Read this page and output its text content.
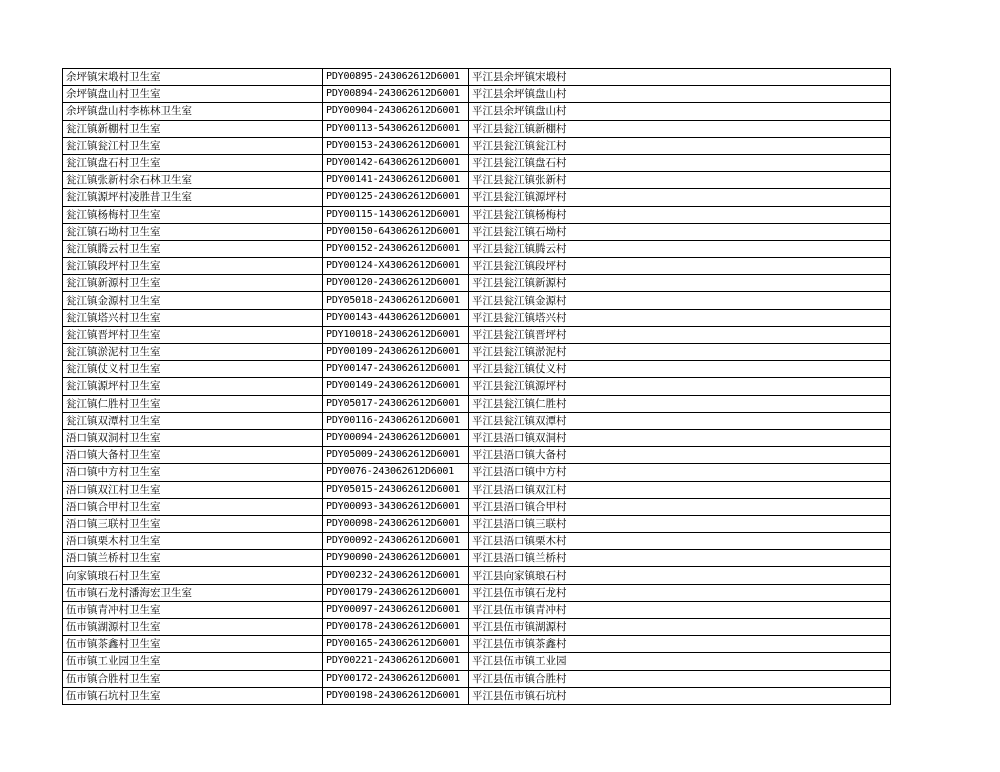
余坪镇宋塅村卫生室	PDY00895-243062612D6001	平江县余坪镇宋塅村
余坪镇盘山村卫生室	PDY00894-243062612D6001	平江县余坪镇盘山村
余坪镇盘山村李栋林卫生室	PDY00904-243062612D6001	平江县余坪镇盘山村
瓮江镇新棚村卫生室	PDY00113-543062612D6001	平江县瓮江镇新棚村
瓮江镇瓮江村卫生室	PDY00153-243062612D6001	平江县瓮江镇瓮江村
瓮江镇盘石村卫生室	PDY00142-643062612D6001	平江县瓮江镇盘石村
瓮江镇张新村余石林卫生室	PDY00141-243062612D6001	平江县瓮江镇张新村
瓮江镇源坪村凌胜昔卫生室	PDY00125-243062612D6001	平江县瓮江镇源坪村
瓮江镇杨梅村卫生室	PDY00115-143062612D6001	平江县瓮江镇杨梅村
瓮江镇石坳村卫生室	PDY00150-643062612D6001	平江县瓮江镇石坳村
瓮江镇腾云村卫生室	PDY00152-243062612D6001	平江县瓮江镇腾云村
瓮江镇段坪村卫生室	PDY00124-X43062612D6001	平江县瓮江镇段坪村
瓮江镇新源村卫生室	PDY00120-243062612D6001	平江县瓮江镇新源村
瓮江镇金源村卫生室	PDY05018-243062612D6001	平江县瓮江镇金源村
瓮江镇塔兴村卫生室	PDY00143-443062612D6001	平江县瓮江镇塔兴村
瓮江镇晋坪村卫生室	PDY10018-243062612D6001	平江县瓮江镇晋坪村
瓮江镇淤泥村卫生室	PDY00109-243062612D6001	平江县瓮江镇淤泥村
瓮江镇仗义村卫生室	PDY00147-243062612D6001	平江县瓮江镇仗义村
瓮江镇源坪村卫生室	PDY00149-243062612D6001	平江县瓮江镇源坪村
瓮江镇仁胜村卫生室	PDY05017-243062612D6001	平江县瓮江镇仁胜村
瓮江镇双潭村卫生室	PDY00116-243062612D6001	平江县瓮江镇双潭村
浯口镇双洞村卫生室	PDY00094-243062612D6001	平江县浯口镇双洞村
浯口镇大备村卫生室	PDY05009-243062612D6001	平江县浯口镇大备村
浯口镇中方村卫生室	PDY0076-243062612D6001	平江县浯口镇中方村
浯口镇双江村卫生室	PDY05015-243062612D6001	平江县浯口镇双江村
浯口镇合甲村卫生室	PDY00093-343062612D6001	平江县浯口镇合甲村
浯口镇三联村卫生室	PDY00098-243062612D6001	平江县浯口镇三联村
浯口镇栗木村卫生室	PDY00092-243062612D6001	平江县浯口镇栗木村
浯口镇兰桥村卫生室	PDY90090-243062612D6001	平江县浯口镇兰桥村
向家镇琅石村卫生室	PDY00232-243062612D6001	平江县向家镇琅石村
伍市镇石龙村潘海宏卫生室	PDY00179-243062612D6001	平江县伍市镇石龙村
伍市镇青冲村卫生室	PDY00097-243062612D6001	平江县伍市镇青冲村
伍市镇湖源村卫生室	PDY00178-243062612D6001	平江县伍市镇湖源村
伍市镇茶鑫村卫生室	PDY00165-243062612D6001	平江县伍市镇茶鑫村
伍市镇工业园卫生室	PDY00221-243062612D6001	平江县伍市镇工业园
伍市镇合胜村卫生室	PDY00172-243062612D6001	平江县伍市镇合胜村
伍市镇石坑村卫生室	PDY00198-243062612D6001	平江县伍市镇石坑村
